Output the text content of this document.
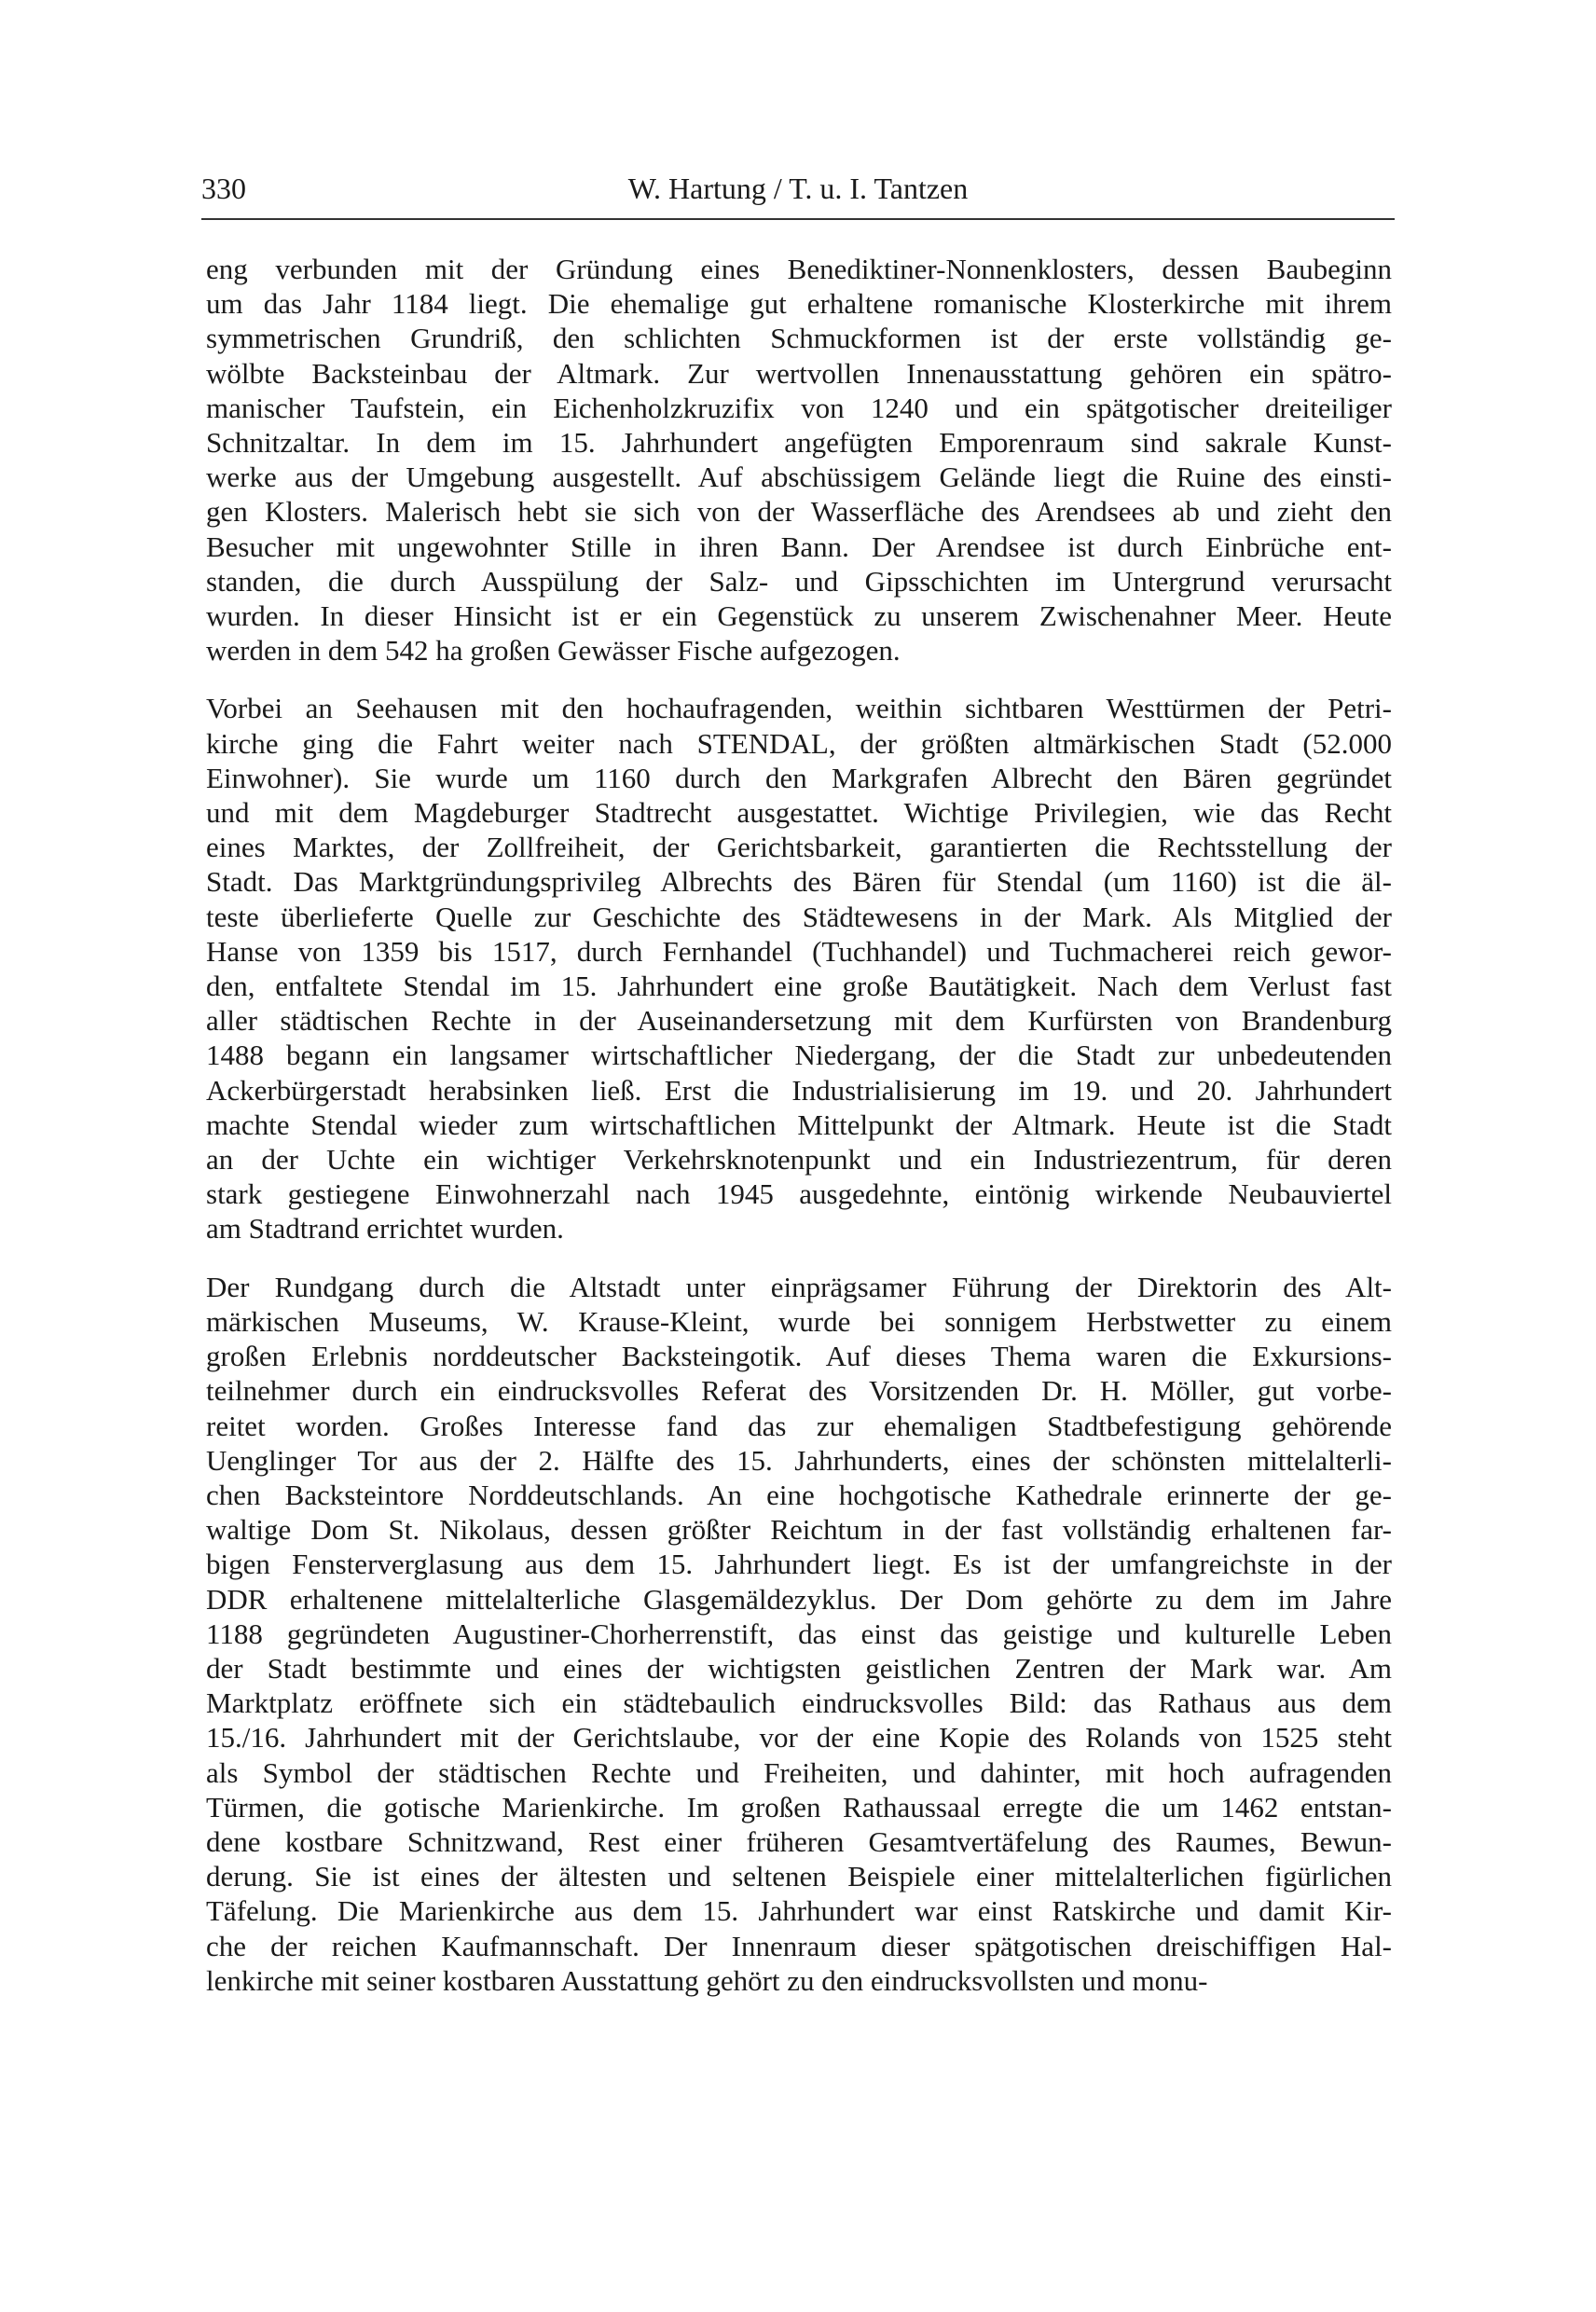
330	W. Hartung / T. u. I. Tantzen

eng verbunden mit der Gründung eines Benediktiner-Nonnenklosters, dessen Baubeginn
um das Jahr 1184 liegt. Die ehemalige gut erhaltene romanische Klosterkirche mit ihrem
symmetrischen Grundriß, den schlichten Schmuckformen ist der erste vollständig ge-
wölbte Backsteinbau der Altmark. Zur wertvollen Innenausstattung gehören ein spätro-
manischer Taufstein, ein Eichenholzkruzifix von 1240 und ein spätgotischer dreiteiliger
Schnitzaltar. In dem im 15. Jahrhundert angefügten Emporenraum sind sakrale Kunst-
werke aus der Umgebung ausgestellt. Auf abschüssigem Gelände liegt die Ruine des einsti-
gen Klosters. Malerisch hebt sie sich von der Wasserfläche des Arendsees ab und zieht den
Besucher mit ungewohnter Stille in ihren Bann. Der Arendsee ist durch Einbrüche ent-
standen, die durch Ausspülung der Salz- und Gipsschichten im Untergrund verursacht
wurden. In dieser Hinsicht ist er ein Gegenstück zu unserem Zwischenahner Meer. Heute
werden in dem 542 ha großen Gewässer Fische aufgezogen.

Vorbei an Seehausen mit den hochaufragenden, weithin sichtbaren Westtürmen der Petri-
kirche ging die Fahrt weiter nach STENDAL, der größten altmärkischen Stadt (52.000
Einwohner). Sie wurde um 1160 durch den Markgrafen Albrecht den Bären gegründet
und mit dem Magdeburger Stadtrecht ausgestattet. Wichtige Privilegien, wie das Recht
eines Marktes, der Zollfreiheit, der Gerichtsbarkeit, garantierten die Rechtsstellung der
Stadt. Das Marktgründungsprivileg Albrechts des Bären für Stendal (um 1160) ist die äl-
teste überlieferte Quelle zur Geschichte des Städtewesens in der Mark. Als Mitglied der
Hanse von 1359 bis 1517, durch Fernhandel (Tuchhandel) und Tuchmacherei reich gewor-
den, entfaltete Stendal im 15. Jahrhundert eine große Bautätigkeit. Nach dem Verlust fast
aller städtischen Rechte in der Auseinandersetzung mit dem Kurfürsten von Brandenburg
1488 begann ein langsamer wirtschaftlicher Niedergang, der die Stadt zur unbedeutenden
Ackerbürgerstadt herabsinken ließ. Erst die Industrialisierung im 19. und 20. Jahrhundert
machte Stendal wieder zum wirtschaftlichen Mittelpunkt der Altmark. Heute ist die Stadt
an der Uchte ein wichtiger Verkehrsknotenpunkt und ein Industriezentrum, für deren
stark gestiegene Einwohnerzahl nach 1945 ausgedehnte, eintönig wirkende Neubauviertel
am Stadtrand errichtet wurden.

Der Rundgang durch die Altstadt unter einprägsamer Führung der Direktorin des Alt-
märkischen Museums, W. Krause-Kleint, wurde bei sonnigem Herbstwetter zu einem
großen Erlebnis norddeutscher Backsteingotik. Auf dieses Thema waren die Exkursions-
teilnehmer durch ein eindrucksvolles Referat des Vorsitzenden Dr. H. Möller, gut vorbe-
reitet worden. Großes Interesse fand das zur ehemaligen Stadtbefestigung gehörende
Uenglinger Tor aus der 2. Hälfte des 15. Jahrhunderts, eines der schönsten mittelalterli-
chen Backsteintore Norddeutschlands. An eine hochgotische Kathedrale erinnerte der ge-
waltige Dom St. Nikolaus, dessen größter Reichtum in der fast vollständig erhaltenen far-
bigen Fensterverglasung aus dem 15. Jahrhundert liegt. Es ist der umfangreichste in der
DDR erhaltenene mittelalterliche Glasgemäldezyklus. Der Dom gehörte zu dem im Jahre
1188 gegründeten Augustiner-Chorherrenstift, das einst das geistige und kulturelle Leben
der Stadt bestimmte und eines der wichtigsten geistlichen Zentren der Mark war. Am
Marktplatz eröffnete sich ein städtebaulich eindrucksvolles Bild: das Rathaus aus dem
15./16. Jahrhundert mit der Gerichtslaube, vor der eine Kopie des Rolands von 1525 steht
als Symbol der städtischen Rechte und Freiheiten, und dahinter, mit hoch aufragenden
Türmen, die gotische Marienkirche. Im großen Rathaussaal erregte die um 1462 entstan-
dene kostbare Schnitzwand, Rest einer früheren Gesamtvertäfelung des Raumes, Bewun-
derung. Sie ist eines der ältesten und seltenen Beispiele einer mittelalterlichen figürlichen
Täfelung. Die Marienkirche aus dem 15. Jahrhundert war einst Ratskirche und damit Kir-
che der reichen Kaufmannschaft. Der Innenraum dieser spätgotischen dreischiffigen Hal-
lenkirche mit seiner kostbaren Ausstattung gehört zu den eindrucksvollsten und monu-
